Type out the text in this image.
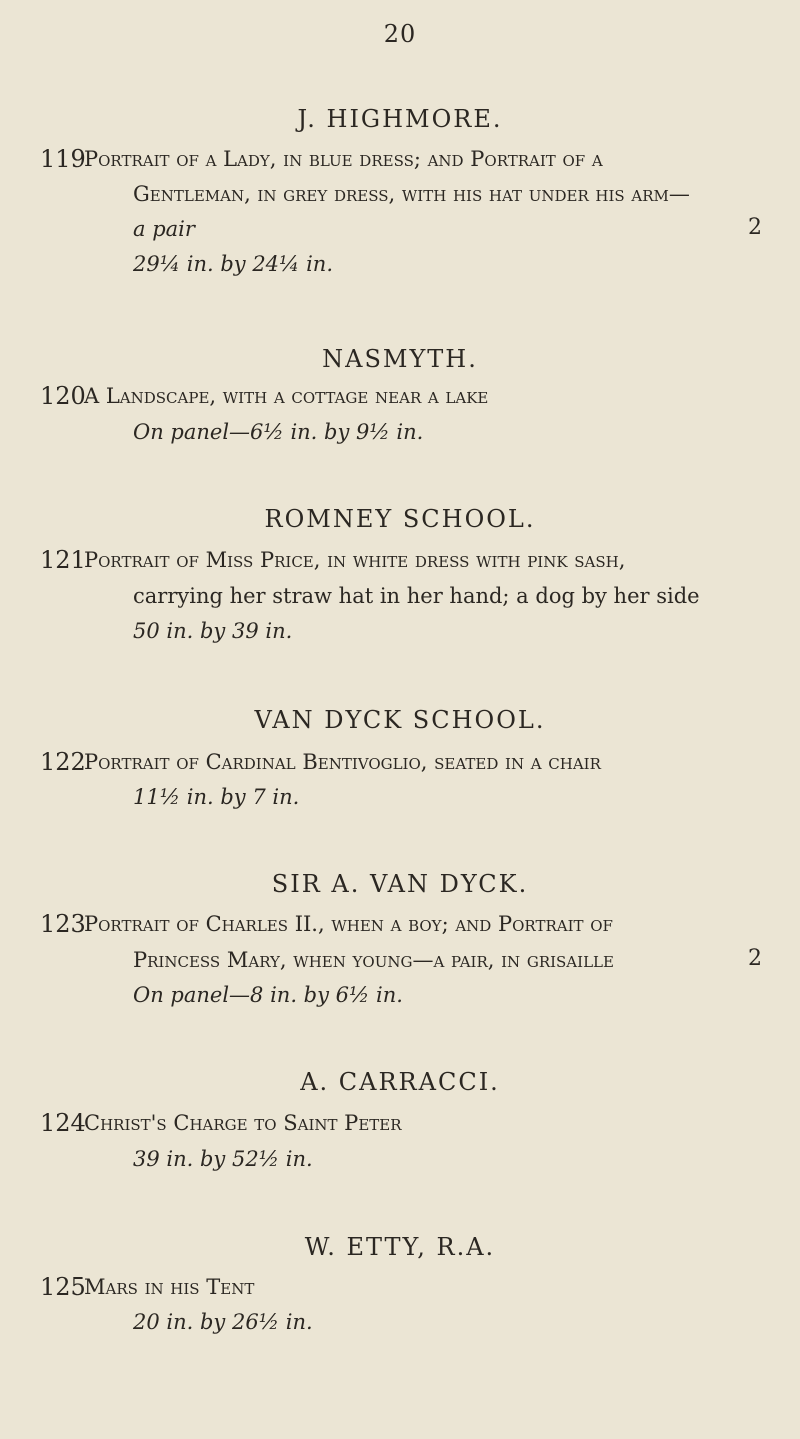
20
J. HIGHMORE.
119
Portrait of a Lady, in blue dress; and Portrait of a
Gentleman, in grey dress, with his hat under his arm—
a pair	2
29¼ in. by 24¼ in.
NASMYTH.
120
A Landscape, with a cottage near a lake
On panel—6½ in. by 9½ in.
ROMNEY SCHOOL.
121
Portrait of Miss Price, in white dress with pink sash,
carrying her straw hat in her hand; a dog by her side
50 in. by 39 in.
VAN DYCK SCHOOL.
122
Portrait of Cardinal Bentivoglio, seated in a chair
11½ in. by 7 in.
SIR A. VAN DYCK.
123
Portrait of Charles II., when a boy; and Portrait of
Princess Mary, when young—a pair, in grisaille	2
On panel—8 in. by 6½ in.
A. CARRACCI.
124
Christ's Charge to Saint Peter
39 in. by 52½ in.
W. ETTY, R.A.
125
Mars in his Tent
20 in. by 26½ in.
